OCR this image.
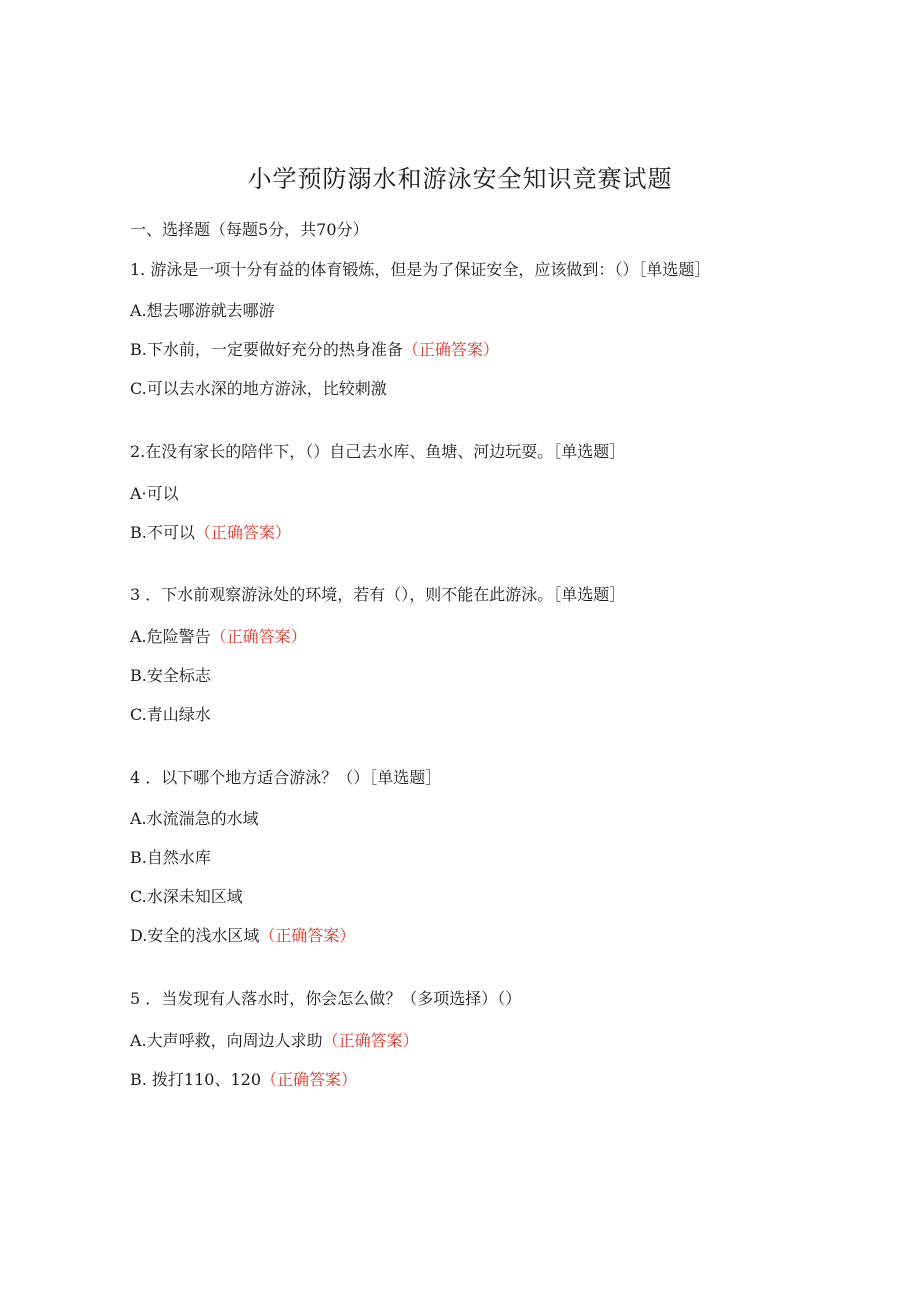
小学预防溺水和游泳安全知识竞赛试题
一、选择题（每题5分，共70分）
1. 游泳是一项十分有益的体育锻炼，但是为了保证安全，应该做到：（）［单选题］
A.想去哪游就去哪游
B.下水前，一定要做好充分的热身准备（正确答案）
C.可以去水深的地方游泳，比较刺激
2.在没有家长的陪伴下，（）自己去水库、鱼塘、河边玩耍。［单选题］
A·可以
B.不可以（正确答案）
3 ．下水前观察游泳处的环境，若有（），则不能在此游泳。［单选题］
A.危险警告（正确答案）
B.安全标志
C.青山绿水
4 ．以下哪个地方适合游泳？（）［单选题］
A.水流湍急的水域
B.自然水库
C.水深未知区域
D.安全的浅水区域（正确答案）
5 ．当发现有人落水时，你会怎么做？（多项选择）（）
A.大声呼救，向周边人求助（正确答案）
B. 拨打110、120（正确答案）
